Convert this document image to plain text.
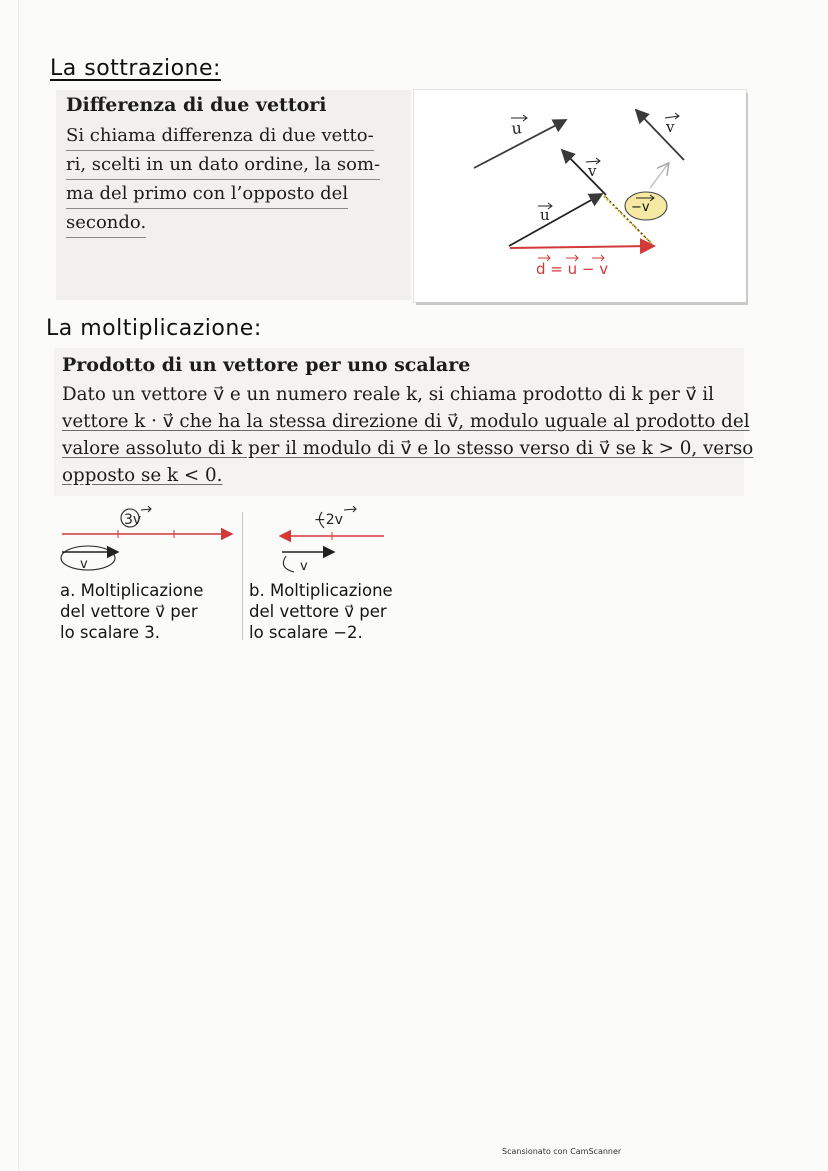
La sottrazione:
Differenza di due vettori
Si chiama differenza di due vetto-
ri, scelti in un dato ordine, la som-
ma del primo con l’opposto del
secondo.
u	v
v
u	−v
d = u − v
La moltiplicazione:
Prodotto di un vettore per uno scalare
Dato un vettore v⃗ e un numero reale k, si chiama prodotto di k per v⃗ il
vettore k · v⃗ che ha la stessa direzione di v⃗, modulo uguale al prodotto del
valore assoluto di k per il modulo di v⃗ e lo stesso verso di v⃗ se k > 0, verso
opposto se k < 0.
3v
v
−2v
v
a. Moltiplicazione
del vettore v⃗ per
lo scalare 3.
b. Moltiplicazione
del vettore v⃗ per
lo scalare −2.
Scansionato con CamScanner
